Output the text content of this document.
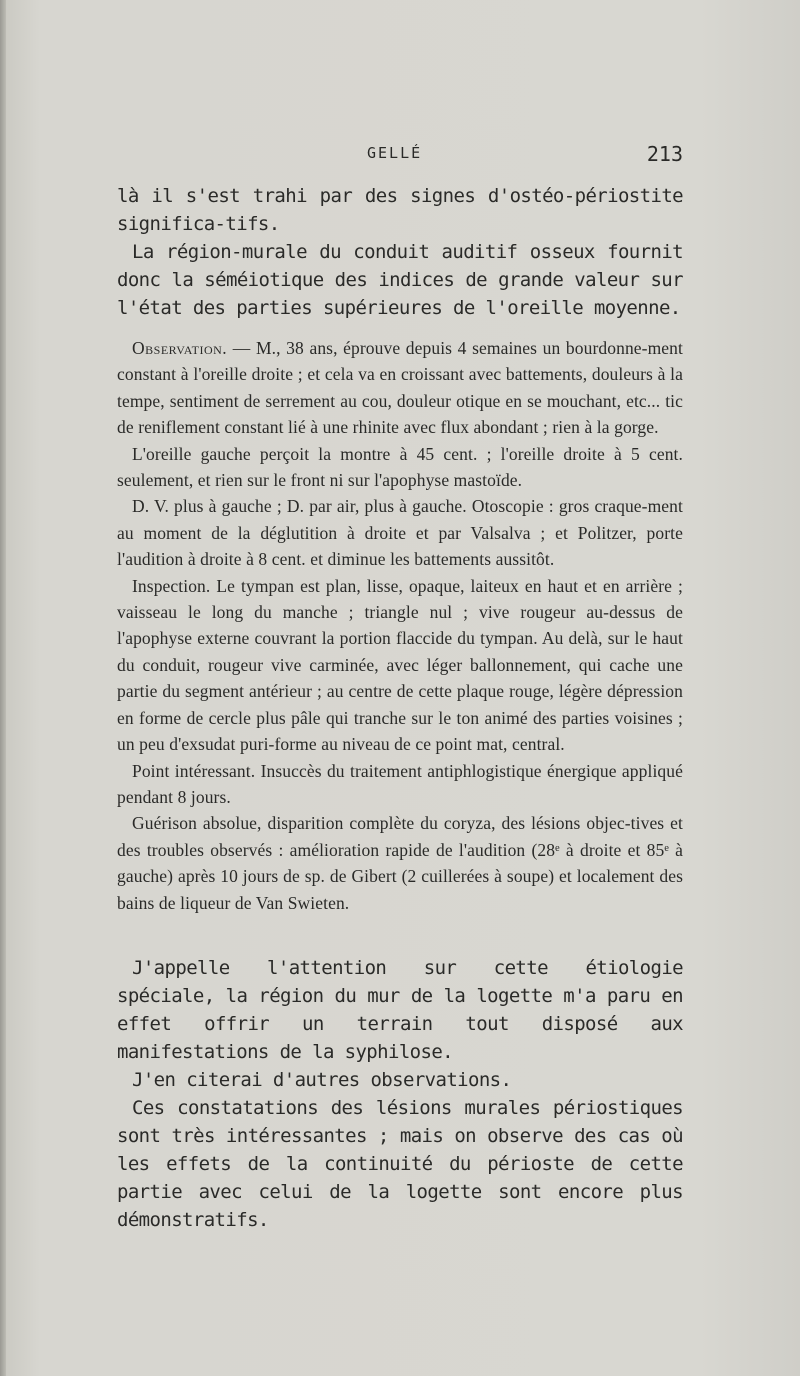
GELLÉ	213

là il s'est trahi par des signes d'ostéo-périostite significa-tifs.

La région-murale du conduit auditif osseux fournit donc la séméiotique des indices de grande valeur sur l'état des parties supérieures de l'oreille moyenne.

Observation. — M., 38 ans, éprouve depuis 4 semaines un bourdonne-ment constant à l'oreille droite ; et cela va en croissant avec battements, douleurs à la tempe, sentiment de serrement au cou, douleur otique en se mouchant, etc... tic de reniflement constant lié à une rhinite avec flux abondant ; rien à la gorge.

L'oreille gauche perçoit la montre à 45 cent. ; l'oreille droite à 5 cent. seulement, et rien sur le front ni sur l'apophyse mastoïde.

D. V. plus à gauche ; D. par air, plus à gauche. Otoscopie : gros craque-ment au moment de la déglutition à droite et par Valsalva ; et Politzer, porte l'audition à droite à 8 cent. et diminue les battements aussitôt.

Inspection. Le tympan est plan, lisse, opaque, laiteux en haut et en arrière ; vaisseau le long du manche ; triangle nul ; vive rougeur au-dessus de l'apophyse externe couvrant la portion flaccide du tympan. Au delà, sur le haut du conduit, rougeur vive carminée, avec léger ballonnement, qui cache une partie du segment antérieur ; au centre de cette plaque rouge, légère dépression en forme de cercle plus pâle qui tranche sur le ton animé des parties voisines ; un peu d'exsudat puri-forme au niveau de ce point mat, central.

Point intéressant. Insuccès du traitement antiphlogistique énergique appliqué pendant 8 jours.

Guérison absolue, disparition complète du coryza, des lésions objec-tives et des troubles observés : amélioration rapide de l'audition (28ᵉ à droite et 85ᵉ à gauche) après 10 jours de sp. de Gibert (2 cuillerées à soupe) et localement des bains de liqueur de Van Swieten.

J'appelle l'attention sur cette étiologie spéciale, la région du mur de la logette m'a paru en effet offrir un terrain tout disposé aux manifestations de la syphilose.

J'en citerai d'autres observations.

Ces constatations des lésions murales périostiques sont très intéressantes ; mais on observe des cas où les effets de la continuité du périoste de cette partie avec celui de la logette sont encore plus démonstratifs.
